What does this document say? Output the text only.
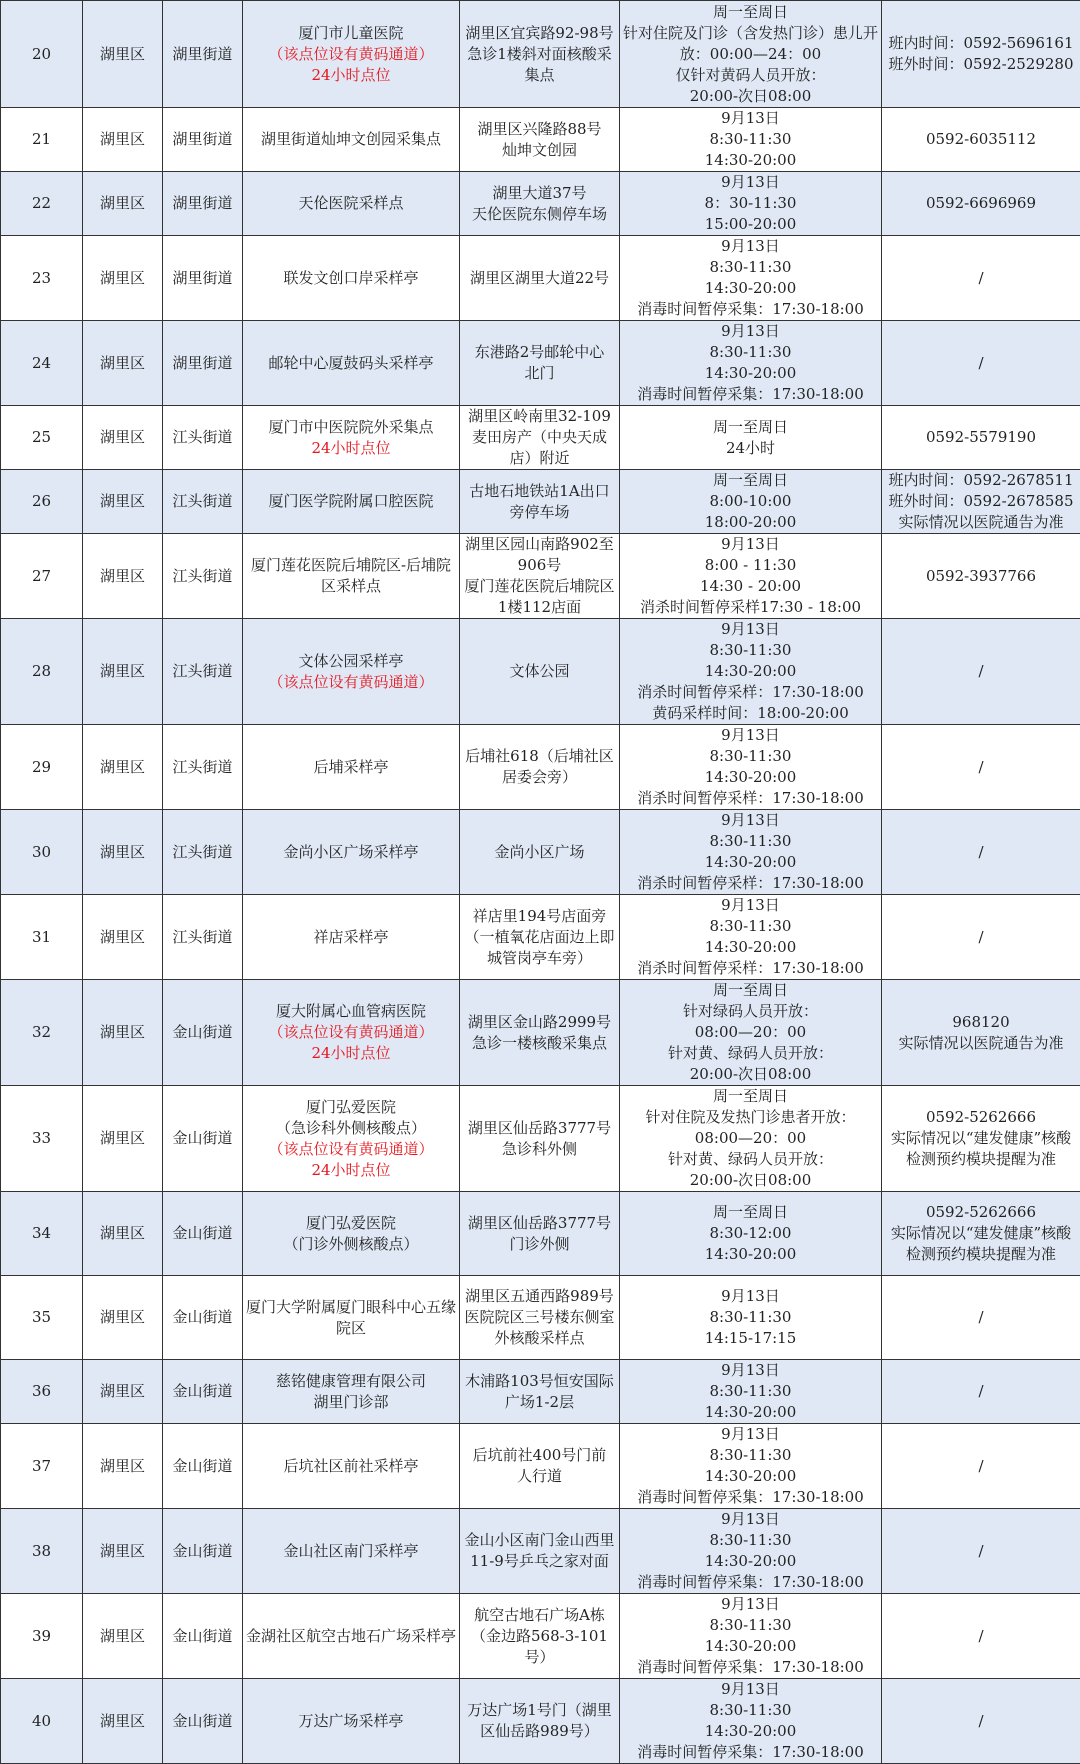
20	湖里区	湖里街道	厦门市儿童医院
（该点位设有黄码通道）
24小时点位	湖里区宜宾路92-98号
急诊1楼斜对面核酸采集点	周一至周日
针对住院及门诊（含发热门诊）患儿开放：00:00—24：00
仅针对黄码人员开放：
20:00-次日08:00	班内时间：0592-5696161
班外时间：0592-2529280

21	湖里区	湖里街道	湖里街道灿坤文创园采集点	湖里区兴隆路88号
灿坤文创园	9月13日
8:30-11:30
14:30-20:00	0592-6035112

22	湖里区	湖里街道	天伦医院采样点	湖里大道37号
天伦医院东侧停车场	9月13日
8：30-11:30
15:00-20:00	0592-6696969

23	湖里区	湖里街道	联发文创口岸采样亭	湖里区湖里大道22号	9月13日
8:30-11:30
14:30-20:00
消毒时间暂停采集：17:30-18:00	/

24	湖里区	湖里街道	邮轮中心厦鼓码头采样亭	东港路2号邮轮中心
北门	9月13日
8:30-11:30
14:30-20:00
消毒时间暂停采集：17:30-18:00	/

25	湖里区	江头街道	厦门市中医院院外采集点
24小时点位	湖里区岭南里32-109
麦田房产（中央天成店）附近	周一至周日
24小时	0592-5579190

26	湖里区	江头街道	厦门医学院附属口腔医院	古地石地铁站1A出口
旁停车场	周一至周日
8:00-10:00
18:00-20:00	班内时间：0592-2678511
班外时间：0592-2678585
实际情况以医院通告为准

27	湖里区	江头街道	厦门莲花医院后埔院区-后埔院区采样点	湖里区园山南路902至906号
厦门莲花医院后埔院区1楼112店面	9月13日
8:00 - 11:30
14:30 - 20:00
消杀时间暂停采样17:30 - 18:00	0592-3937766

28	湖里区	江头街道	文体公园采样亭
（该点位设有黄码通道）	文体公园	9月13日
8:30-11:30
14:30-20:00
消杀时间暂停采样：17:30-18:00
黄码采样时间：18:00-20:00	/

29	湖里区	江头街道	后埔采样亭	后埔社618（后埔社区居委会旁）	9月13日
8:30-11:30
14:30-20:00
消杀时间暂停采样：17:30-18:00	/

30	湖里区	江头街道	金尚小区广场采样亭	金尚小区广场	9月13日
8:30-11:30
14:30-20:00
消杀时间暂停采样：17:30-18:00	/

31	湖里区	江头街道	祥店采样亭	祥店里194号店面旁
（一植氧花店面边上即城管岗亭车旁）	9月13日
8:30-11:30
14:30-20:00
消杀时间暂停采样：17:30-18:00	/

32	湖里区	金山街道	厦大附属心血管病医院
（该点位设有黄码通道）
24小时点位	湖里区金山路2999号
急诊一楼核酸采集点	周一至周日
针对绿码人员开放：
08:00—20：00
针对黄、绿码人员开放：
20:00-次日08:00	968120
实际情况以医院通告为准

33	湖里区	金山街道	厦门弘爱医院
（急诊科外侧核酸点）
（该点位设有黄码通道）
24小时点位	湖里区仙岳路3777号
急诊科外侧	周一至周日
针对住院及发热门诊患者开放：
08:00—20：00
针对黄、绿码人员开放：
20:00-次日08:00	0592-5262666
实际情况以“建发健康”核酸检测预约模块提醒为准

34	湖里区	金山街道	厦门弘爱医院
（门诊外侧核酸点）	湖里区仙岳路3777号
门诊外侧	周一至周日
8:30-12:00
14:30-20:00	0592-5262666
实际情况以“建发健康”核酸检测预约模块提醒为准

35	湖里区	金山街道	厦门大学附属厦门眼科中心五缘院区	湖里区五通西路989号
医院院区三号楼东侧室外核酸采样点	9月13日
8:30-11:30
14:15-17:15	/

36	湖里区	金山街道	慈铭健康管理有限公司
湖里门诊部	木浦路103号恒安国际广场1-2层	9月13日
8:30-11:30
14:30-20:00	/

37	湖里区	金山街道	后坑社区前社采样亭	后坑前社400号门前
人行道	9月13日
8:30-11:30
14:30-20:00
消毒时间暂停采集：17:30-18:00	/

38	湖里区	金山街道	金山社区南门采样亭	金山小区南门金山西里11-9号乒乓之家对面	9月13日
8:30-11:30
14:30-20:00
消毒时间暂停采集：17:30-18:00	/

39	湖里区	金山街道	金湖社区航空古地石广场采样亭	航空古地石广场A栋
（金边路568-3-101号）	9月13日
8:30-11:30
14:30-20:00
消毒时间暂停采集：17:30-18:00	/

40	湖里区	金山街道	万达广场采样亭	万达广场1号门（湖里区仙岳路989号）	9月13日
8:30-11:30
14:30-20:00
消毒时间暂停采集：17:30-18:00	/
